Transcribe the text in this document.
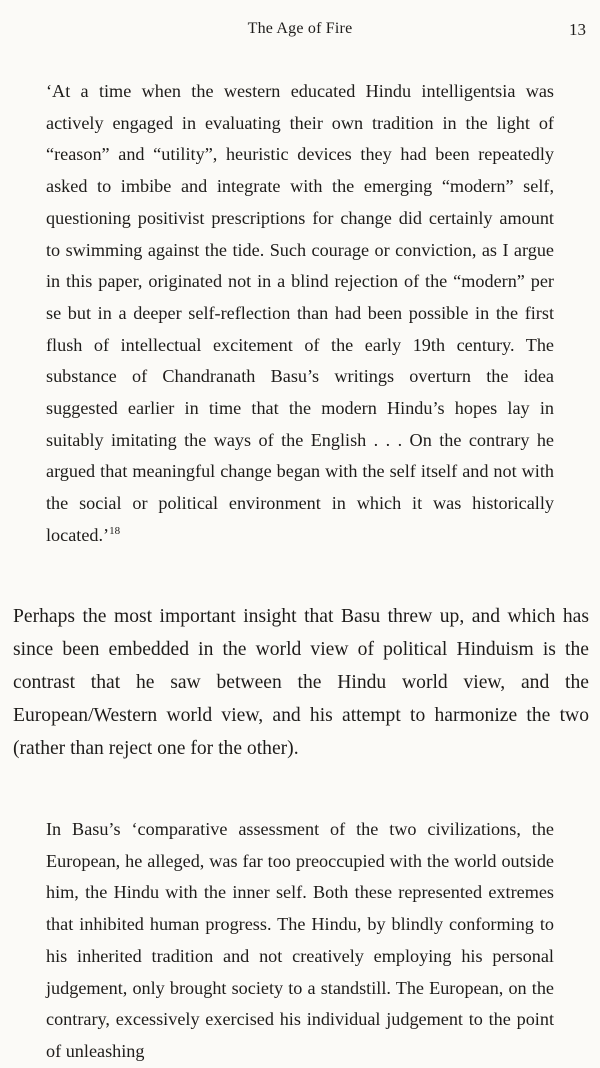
The Age of Fire	13
‘At a time when the western educated Hindu intelligentsia was actively engaged in evaluating their own tradition in the light of “reason” and “utility”, heuristic devices they had been repeatedly asked to imbibe and integrate with the emerging “modern” self, questioning positivist prescriptions for change did certainly amount to swimming against the tide. Such courage or conviction, as I argue in this paper, originated not in a blind rejection of the “modern” per se but in a deeper self-reflection than had been possible in the first flush of intellectual excitement of the early 19th century. The substance of Chandranath Basu’s writings overturn the idea suggested earlier in time that the modern Hindu’s hopes lay in suitably imitating the ways of the English . . . On the contrary he argued that meaningful change began with the self itself and not with the social or political environment in which it was historically located.’$^{18}$
Perhaps the most important insight that Basu threw up, and which has since been embedded in the world view of political Hinduism is the contrast that he saw between the Hindu world view, and the European/Western world view, and his attempt to harmonize the two (rather than reject one for the other).
In Basu’s ‘comparative assessment of the two civilizations, the European, he alleged, was far too preoccupied with the world outside him, the Hindu with the inner self. Both these represented extremes that inhibited human progress. The Hindu, by blindly conforming to his inherited tradition and not creatively employing his personal judgement, only brought society to a standstill. The European, on the contrary, excessively exercised his individual judgement to the point of unleashing
